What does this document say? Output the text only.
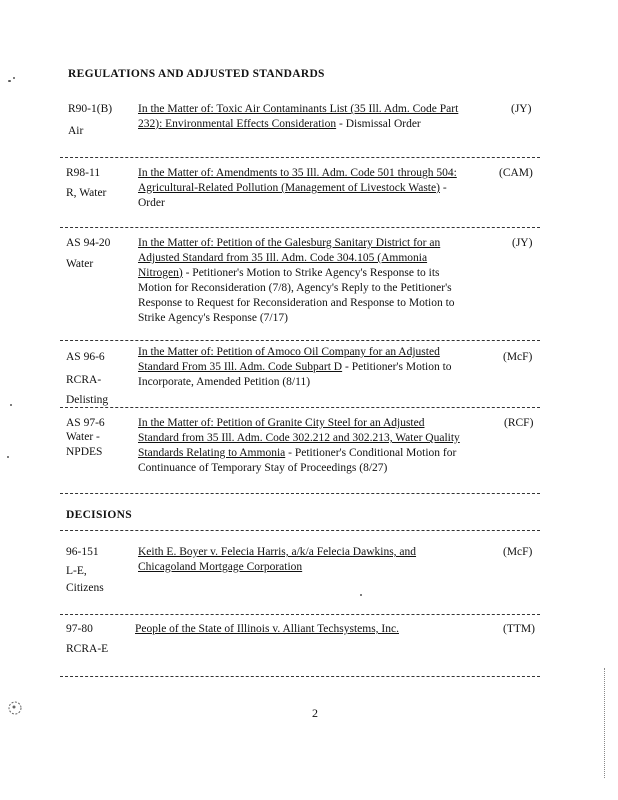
REGULATIONS AND ADJUSTED STANDARDS
R90-1(B)
Air
In the Matter of: Toxic Air Contaminants List (35 Ill. Adm. Code Part 232): Environmental Effects Consideration - Dismissal Order
(JY)
R98-11
R, Water
In the Matter of: Amendments to 35 Ill. Adm. Code 501 through 504: Agricultural-Related Pollution (Management of Livestock Waste) - Order
(CAM)
AS 94-20
Water
In the Matter of: Petition of the Galesburg Sanitary District for an Adjusted Standard from 35 Ill. Adm. Code 304.105 (Ammonia Nitrogen) - Petitioner's Motion to Strike Agency's Response to its Motion for Reconsideration (7/8), Agency's Reply to the Petitioner's Response to Request for Reconsideration and Response to Motion to Strike Agency's Response (7/17)
(JY)
AS 96-6
RCRA-Delisting
In the Matter of: Petition of Amoco Oil Company for an Adjusted Standard From 35 Ill. Adm. Code Subpart D - Petitioner's Motion to Incorporate, Amended Petition (8/11)
(McF)
AS 97-6
Water - NPDES
In the Matter of: Petition of Granite City Steel for an Adjusted Standard from 35 Ill. Adm. Code 302.212 and 302.213, Water Quality Standards Relating to Ammonia - Petitioner's Conditional Motion for Continuance of Temporary Stay of Proceedings (8/27)
(RCF)
DECISIONS
96-151
L-E, Citizens
Keith E. Boyer v. Felecia Harris, a/k/a Felecia Dawkins, and Chicagoland Mortgage Corporation
(McF)
97-80
RCRA-E
People of the State of Illinois v. Alliant Techsystems, Inc.	(TTM)
2
